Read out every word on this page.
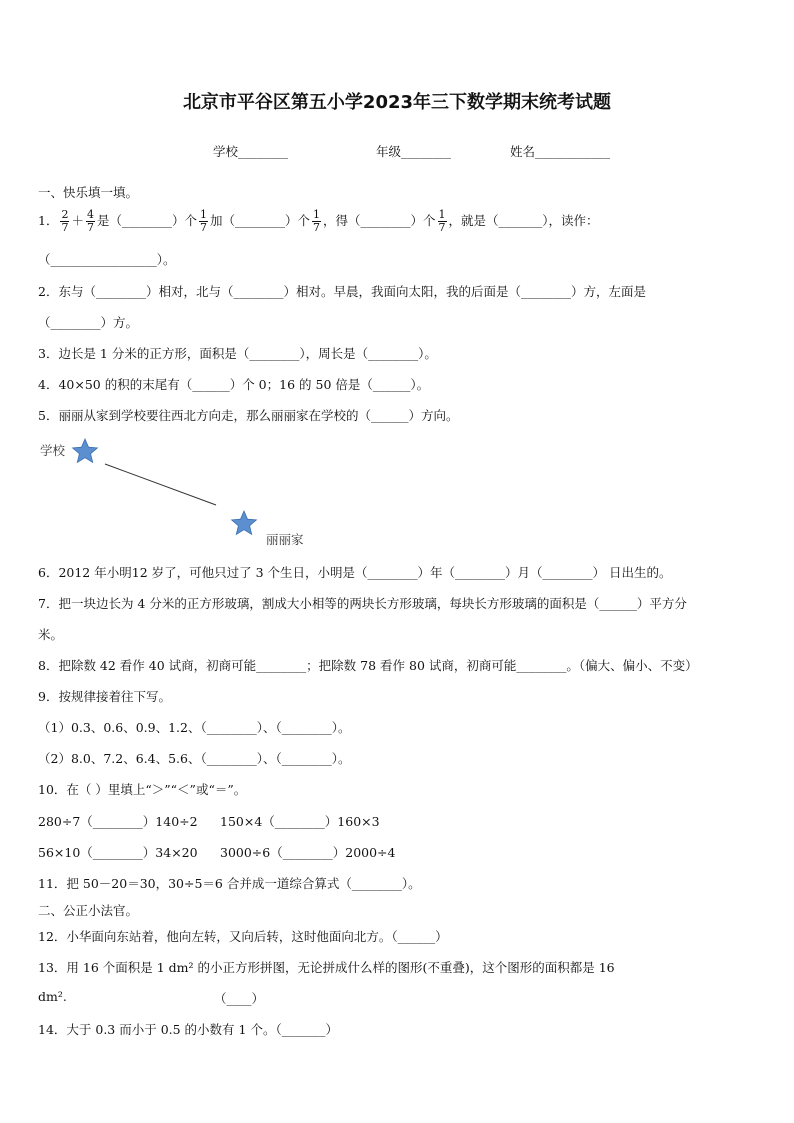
北京市平谷区第五小学2023年三下数学期末统考试题
学校________	年级________	姓名____________
一、快乐填一填。
1． $\frac{2}{7} + \frac{4}{7}$ 是（________）个 $\frac{1}{7}$ 加（________）个 $\frac{1}{7}$ ，得（________）个 $\frac{1}{7}$ ，就是（_______），读作：
（_________________）。
2．东与（________）相对，北与（________）相对。早晨，我面向太阳，我的后面是（________）方，左面是
（________）方。
3．边长是 1 分米的正方形，面积是（________），周长是（________）。
4．40×50 的积的末尾有（______）个 0；16 的 50 倍是（______）。
5．丽丽从家到学校要往西北方向走，那么丽丽家在学校的（______）方向。
学校
丽丽家
6．2012 年小明12 岁了，可他只过了 3 个生日，小明是（________）年（________）月（________） 日出生的。
7．把一块边长为 4 分米的正方形玻璃，割成大小相等的两块长方形玻璃，每块长方形玻璃的面积是（______）平方分
米。
8．把除数 42 看作 40 试商，初商可能________；把除数 78 看作 80 试商，初商可能________。（偏大、偏小、不变）
9．按规律接着往下写。
（1）0.3、0.6、0.9、1.2、（________）、（________）。
（2）8.0、7.2、6.4、5.6、（________）、（________）。
10．在（ ）里填上“＞”“＜”或“＝”。
280÷7（________）140÷2 150×4（________）160×3
56×10（________）34×20 3000÷6（________）2000÷4
11．把 50－20＝30，30÷5＝6 合并成一道综合算式（________）。
二、公正小法官。
12．小华面向东站着，他向左转，又向后转，这时他面向北方。（______）
13．用 16 个面积是 1 dm² 的小正方形拼图，无论拼成什么样的图形(不重叠)，这个图形的面积都是 16
dm².	（____）
14．大于 0.3 而小于 0.5 的小数有 1 个。（_______）
